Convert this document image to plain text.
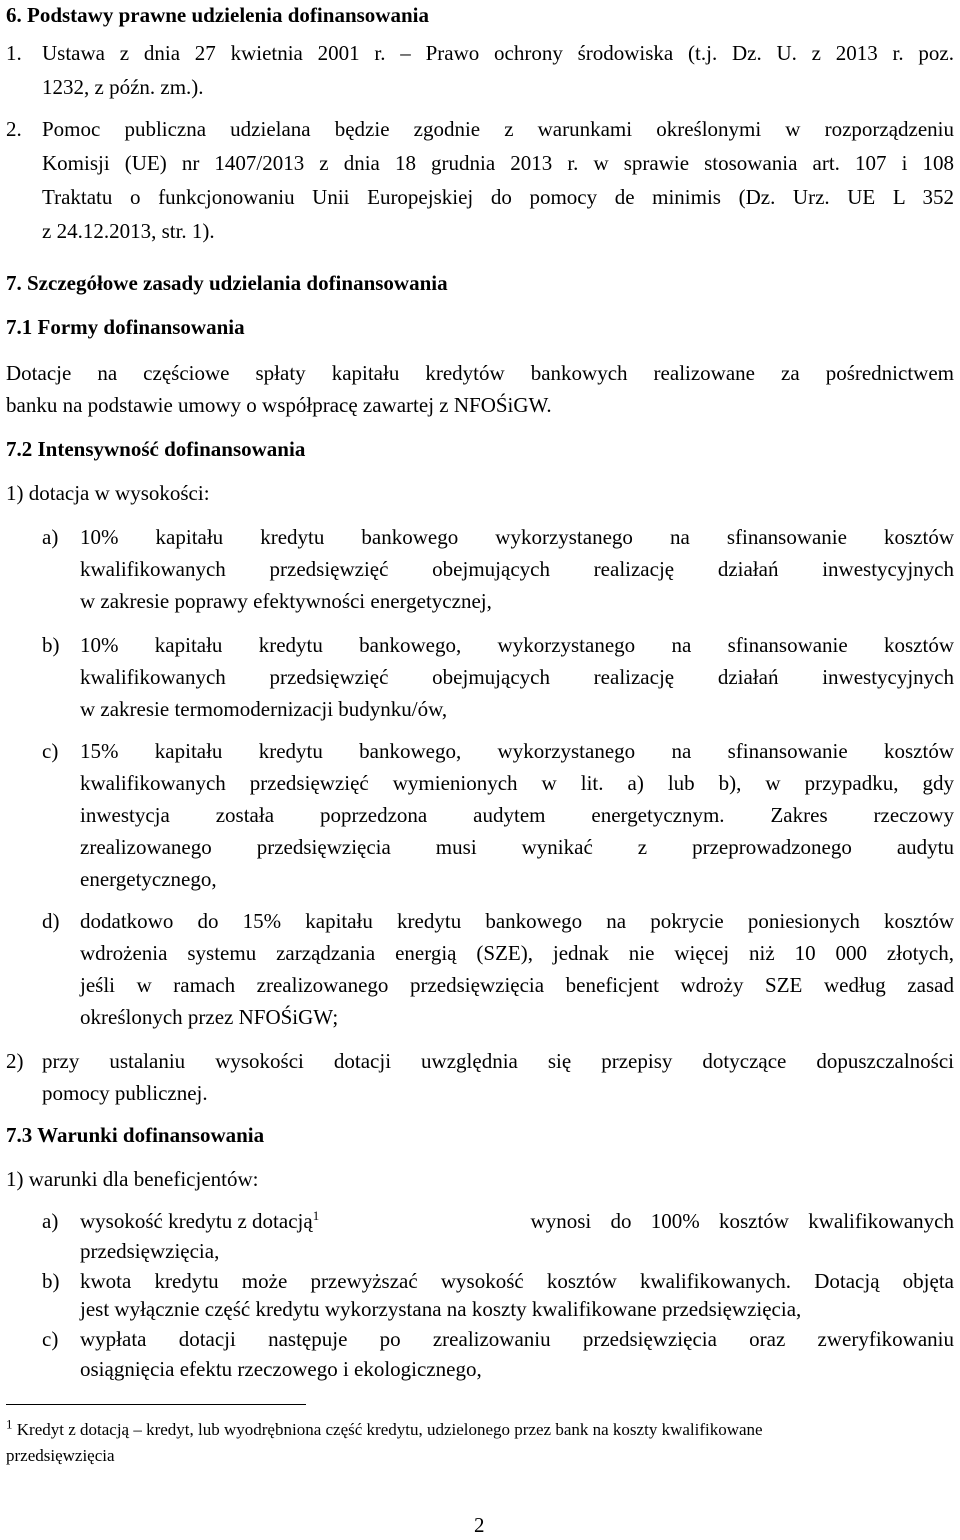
6. Podstawy prawne udzielenia dofinansowania
1. Ustawa z dnia 27 kwietnia 2001 r. – Prawo ochrony środowiska (t.j. Dz. U. z 2013 r. poz.
1232, z późn. zm.).
2. Pomoc publiczna udzielana będzie zgodnie z warunkami określonymi w rozporządzeniu
Komisji (UE) nr 1407/2013 z dnia 18 grudnia 2013 r. w sprawie stosowania art. 107 i 108
Traktatu o funkcjonowaniu Unii Europejskiej do pomocy de minimis (Dz. Urz. UE L 352
z 24.12.2013, str. 1).
7. Szczegółowe zasady udzielania dofinansowania
7.1 Formy dofinansowania
Dotacje na częściowe spłaty kapitału kredytów bankowych realizowane za pośrednictwem
banku na podstawie umowy o współpracę zawartej z NFOŚiGW.
7.2 Intensywność dofinansowania
1) dotacja w wysokości:
a) 10% kapitału kredytu bankowego wykorzystanego na sfinansowanie kosztów
kwalifikowanych przedsięwzięć obejmujących realizację działań inwestycyjnych
w zakresie poprawy efektywności energetycznej,
b) 10% kapitału kredytu bankowego, wykorzystanego na sfinansowanie kosztów
kwalifikowanych przedsięwzięć obejmujących realizację działań inwestycyjnych
w zakresie termomodernizacji budynku/ów,
c) 15% kapitału kredytu bankowego, wykorzystanego na sfinansowanie kosztów
kwalifikowanych przedsięwzięć wymienionych w lit. a) lub b), w przypadku, gdy
inwestycja została poprzedzona audytem energetycznym. Zakres rzeczowy
zrealizowanego przedsięwzięcia musi wynikać z przeprowadzonego audytu
energetycznego,
d) dodatkowo do 15% kapitału kredytu bankowego na pokrycie poniesionych kosztów
wdrożenia systemu zarządzania energią (SZE), jednak nie więcej niż 10 000 złotych,
jeśli w ramach zrealizowanego przedsięwzięcia beneficjent wdroży SZE według zasad
określonych przez NFOŚiGW;
2) przy ustalaniu wysokości dotacji uwzględnia się przepisy dotyczące dopuszczalności
pomocy publicznej.
7.3 Warunki dofinansowania
1) warunki dla beneficjentów:
a) wysokość kredytu z dotacją$^1$	wynosi do 100% kosztów kwalifikowanych
przedsięwzięcia,
b) kwota kredytu może przewyższać wysokość kosztów kwalifikowanych. Dotacją objęta
jest wyłącznie część kredytu wykorzystana na koszty kwalifikowane przedsięwzięcia,
c) wypłata dotacji następuje po zrealizowaniu przedsięwzięcia oraz zweryfikowaniu
osiągnięcia efektu rzeczowego i ekologicznego,
$^1$ Kredyt z dotacją – kredyt, lub wyodrębniona część kredytu, udzielonego przez bank na koszty kwalifikowane
przedsięwzięcia
2
